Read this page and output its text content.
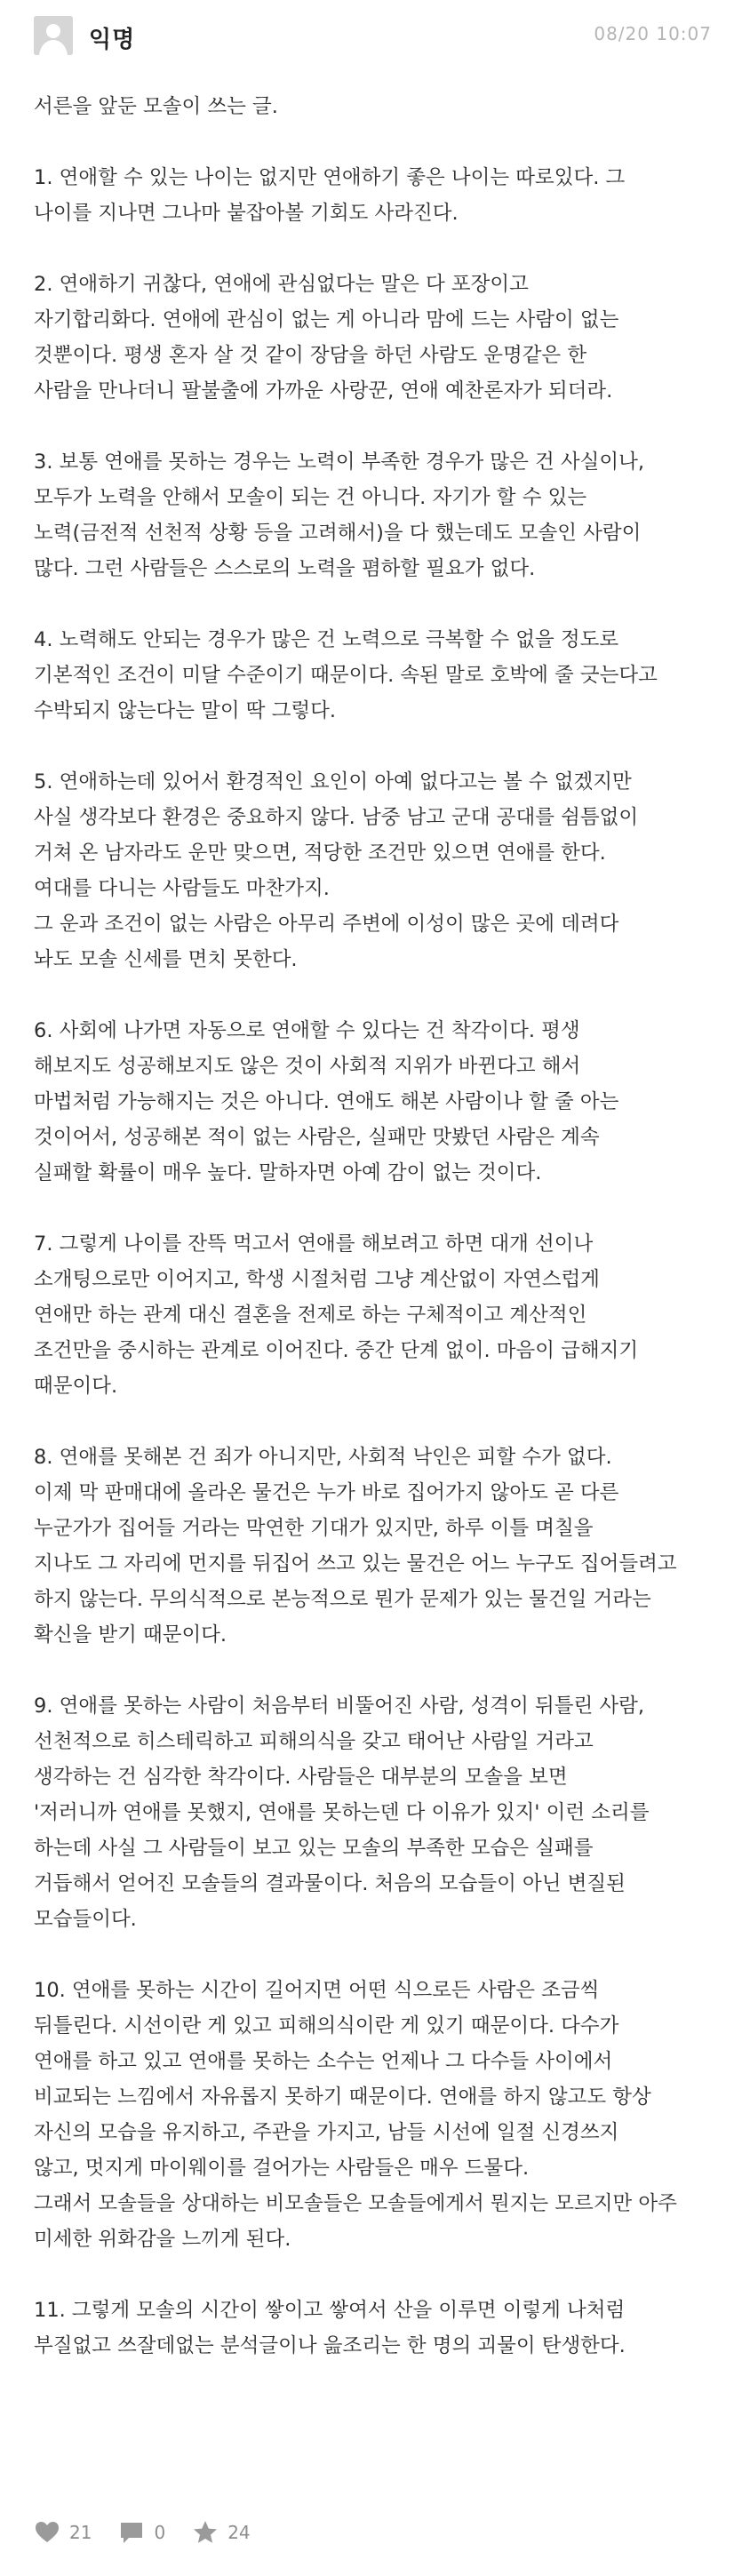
익명	08/20 10:07

서른을 앞둔 모솔이 쓰는 글.

1. 연애할 수 있는 나이는 없지만 연애하기 좋은 나이는 따로있다. 그
나이를 지나면 그나마 붙잡아볼 기회도 사라진다.

2. 연애하기 귀찮다, 연애에 관심없다는 말은 다 포장이고
자기합리화다. 연애에 관심이 없는 게 아니라 맘에 드는 사람이 없는
것뿐이다. 평생 혼자 살 것 같이 장담을 하던 사람도 운명같은 한
사람을 만나더니 팔불출에 가까운 사랑꾼, 연애 예찬론자가 되더라.

3. 보통 연애를 못하는 경우는 노력이 부족한 경우가 많은 건 사실이나,
모두가 노력을 안해서 모솔이 되는 건 아니다. 자기가 할 수 있는
노력(금전적 선천적 상황 등을 고려해서)을 다 했는데도 모솔인 사람이
많다. 그런 사람들은 스스로의 노력을 폄하할 필요가 없다.

4. 노력해도 안되는 경우가 많은 건 노력으로 극복할 수 없을 정도로
기본적인 조건이 미달 수준이기 때문이다. 속된 말로 호박에 줄 긋는다고
수박되지 않는다는 말이 딱 그렇다.

5. 연애하는데 있어서 환경적인 요인이 아예 없다고는 볼 수 없겠지만
사실 생각보다 환경은 중요하지 않다. 남중 남고 군대 공대를 쉼틈없이
거쳐 온 남자라도 운만 맞으면, 적당한 조건만 있으면 연애를 한다.
여대를 다니는 사람들도 마찬가지.
그 운과 조건이 없는 사람은 아무리 주변에 이성이 많은 곳에 데려다
놔도 모솔 신세를 면치 못한다.

6. 사회에 나가면 자동으로 연애할 수 있다는 건 착각이다. 평생
해보지도 성공해보지도 않은 것이 사회적 지위가 바뀐다고 해서
마법처럼 가능해지는 것은 아니다. 연애도 해본 사람이나 할 줄 아는
것이어서, 성공해본 적이 없는 사람은, 실패만 맛봤던 사람은 계속
실패할 확률이 매우 높다. 말하자면 아예 감이 없는 것이다.

7. 그렇게 나이를 잔뜩 먹고서 연애를 해보려고 하면 대개 선이나
소개팅으로만 이어지고, 학생 시절처럼 그냥 계산없이 자연스럽게
연애만 하는 관계 대신 결혼을 전제로 하는 구체적이고 계산적인
조건만을 중시하는 관계로 이어진다. 중간 단계 없이. 마음이 급해지기
때문이다.

8. 연애를 못해본 건 죄가 아니지만, 사회적 낙인은 피할 수가 없다.
이제 막 판매대에 올라온 물건은 누가 바로 집어가지 않아도 곧 다른
누군가가 집어들 거라는 막연한 기대가 있지만, 하루 이틀 며칠을
지나도 그 자리에 먼지를 뒤집어 쓰고 있는 물건은 어느 누구도 집어들려고
하지 않는다. 무의식적으로 본능적으로 뭔가 문제가 있는 물건일 거라는
확신을 받기 때문이다.

9. 연애를 못하는 사람이 처음부터 비뚤어진 사람, 성격이 뒤틀린 사람,
선천적으로 히스테릭하고 피해의식을 갖고 태어난 사람일 거라고
생각하는 건 심각한 착각이다. 사람들은 대부분의 모솔을 보면
'저러니까 연애를 못했지, 연애를 못하는덴 다 이유가 있지' 이런 소리를
하는데 사실 그 사람들이 보고 있는 모솔의 부족한 모습은 실패를
거듭해서 얻어진 모솔들의 결과물이다. 처음의 모습들이 아닌 변질된
모습들이다.

10. 연애를 못하는 시간이 길어지면 어떤 식으로든 사람은 조금씩
뒤틀린다. 시선이란 게 있고 피해의식이란 게 있기 때문이다. 다수가
연애를 하고 있고 연애를 못하는 소수는 언제나 그 다수들 사이에서
비교되는 느낌에서 자유롭지 못하기 때문이다. 연애를 하지 않고도 항상
자신의 모습을 유지하고, 주관을 가지고, 남들 시선에 일절 신경쓰지
않고, 멋지게 마이웨이를 걸어가는 사람들은 매우 드물다.
그래서 모솔들을 상대하는 비모솔들은 모솔들에게서 뭔지는 모르지만 아주
미세한 위화감을 느끼게 된다.

11. 그렇게 모솔의 시간이 쌓이고 쌓여서 산을 이루면 이렇게 나처럼
부질없고 쓰잘데없는 분석글이나 읊조리는 한 명의 괴물이 탄생한다.

21	0	24
